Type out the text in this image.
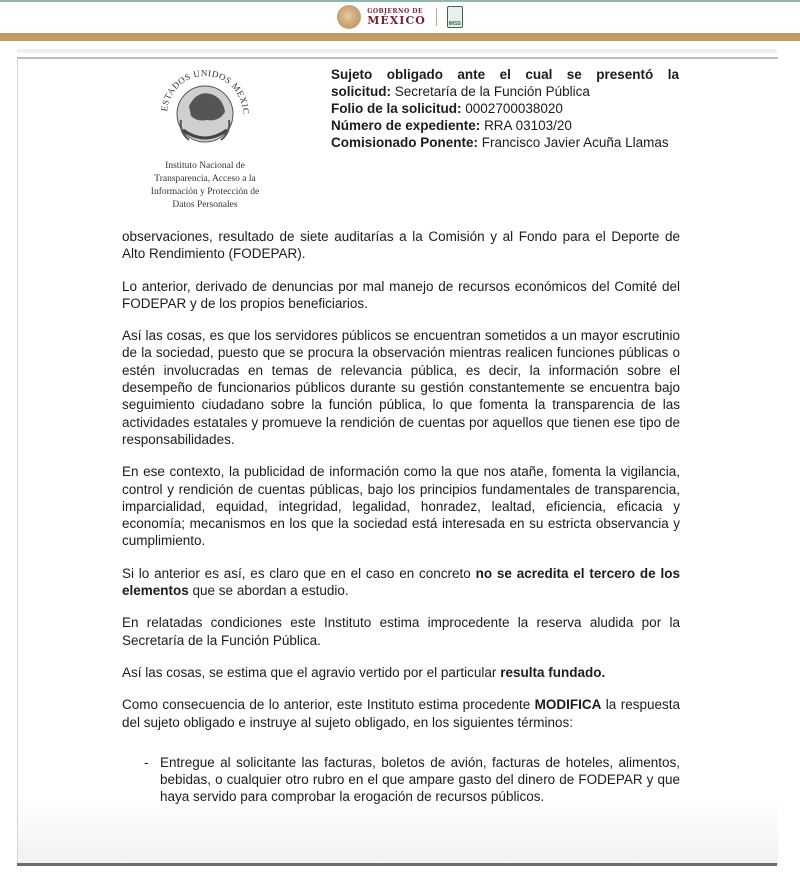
GOBIERNO DE
MÉXICO	IMSS
ESTADOS UNIDOS MEXIC
Instituto Nacional de
Transparencia, Acceso a la
Información y Protección de
Datos Personales

Sujeto obligado ante el cual se presentó la

solicitud: Secretaría de la Función Pública

Folio de la solicitud: 0002700038020

Número de expediente: RRA 03103/20

Comisionado Ponente: Francisco Javier Acuña Llamas

observaciones, resultado de siete auditarías a la Comisión y al Fondo para el Deporte de Alto Rendimiento (FODEPAR).

Lo anterior, derivado de denuncias por mal manejo de recursos económicos del Comité del FODEPAR y de los propios beneficiarios.

Así las cosas, es que los servidores públicos se encuentran sometidos a un mayor escrutinio de la sociedad, puesto que se procura la observación mientras realicen funciones públicas o estén involucradas en temas de relevancia pública, es decir, la información sobre el desempeño de funcionarios públicos durante su gestión constantemente se encuentra bajo seguimiento ciudadano sobre la función pública, lo que fomenta la transparencia de las actividades estatales y promueve la rendición de cuentas por aquellos que tienen ese tipo de responsabilidades.

En ese contexto, la publicidad de información como la que nos atañe, fomenta la vigilancia, control y rendición de cuentas públicas, bajo los principios fundamentales de transparencia, imparcialidad, equidad, integridad, legalidad, honradez, lealtad, eficiencia, eficacia y economía; mecanismos en los que la sociedad está interesada en su estricta observancia y cumplimiento.

Si lo anterior es así, es claro que en el caso en concreto no se acredita el tercero de los elementos que se abordan a estudio.

En relatadas condiciones este Instituto estima improcedente la reserva aludida por la Secretaría de la Función Pública.

Así las cosas, se estima que el agravio vertido por el particular resulta fundado.

Como consecuencia de lo anterior, este Instituto estima procedente MODIFICA la respuesta del sujeto obligado e instruye al sujeto obligado, en los siguientes términos:

- Entregue al solicitante las facturas, boletos de avión, facturas de hoteles, alimentos, bebidas, o cualquier otro rubro en el que ampare gasto del dinero de FODEPAR y que haya servido para comprobar la erogación de recursos públicos.
